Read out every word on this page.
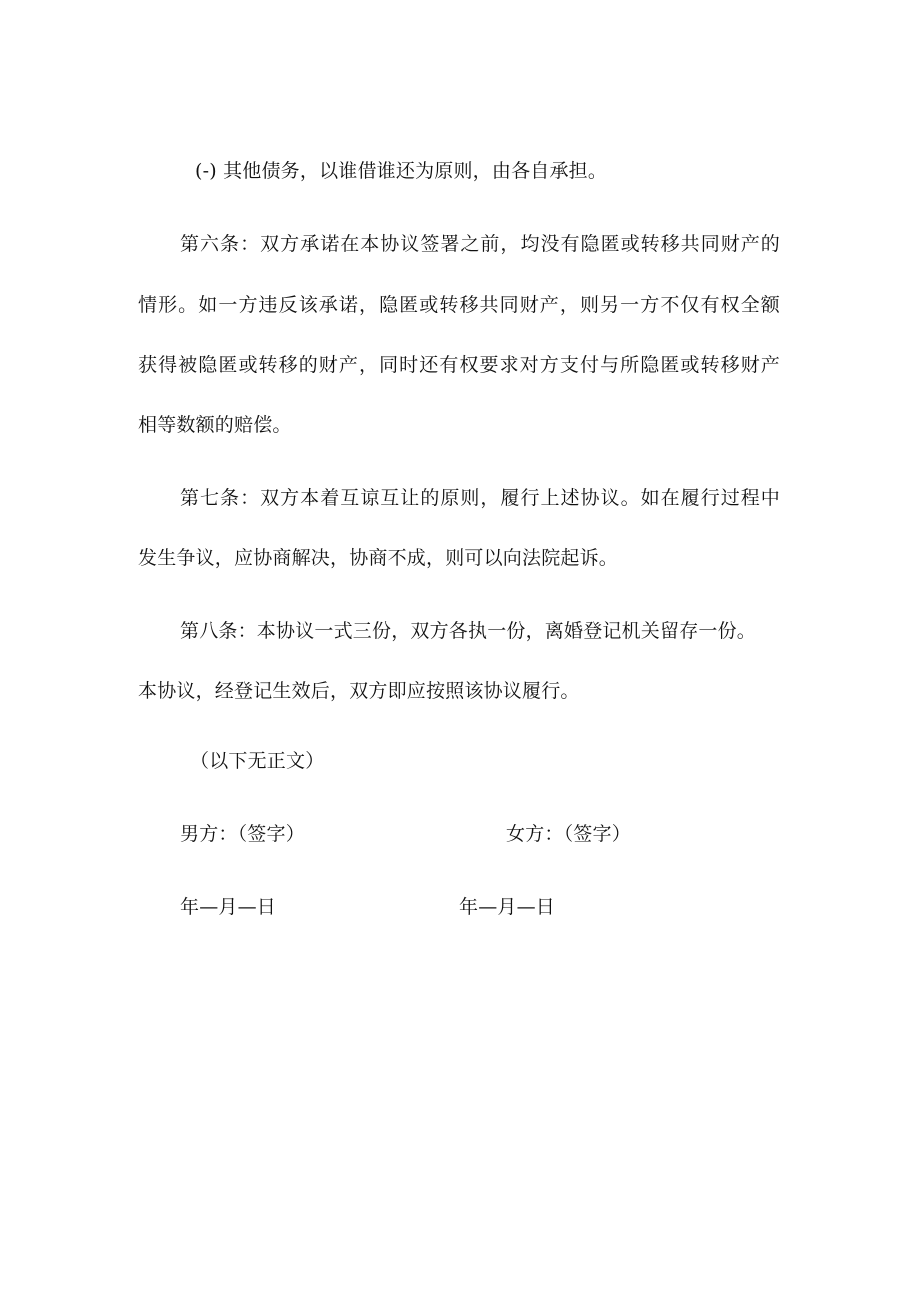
(-) 其他债务，以谁借谁还为原则，由各自承担。
第六条：双方承诺在本协议签署之前，均没有隐匿或转移共同财产的
情形。如一方违反该承诺，隐匿或转移共同财产，则另一方不仅有权全额
获得被隐匿或转移的财产，同时还有权要求对方支付与所隐匿或转移财产
相等数额的赔偿。
第七条：双方本着互谅互让的原则，履行上述协议。如在履行过程中
发生争议，应协商解决，协商不成，则可以向法院起诉。
第八条：本协议一式三份，双方各执一份，离婚登记机关留存一份。
本协议，经登记生效后，双方即应按照该协议履行。
（以下无正文）
男方：（签字）	女方：（签字）
年—月—日	年—月—日
